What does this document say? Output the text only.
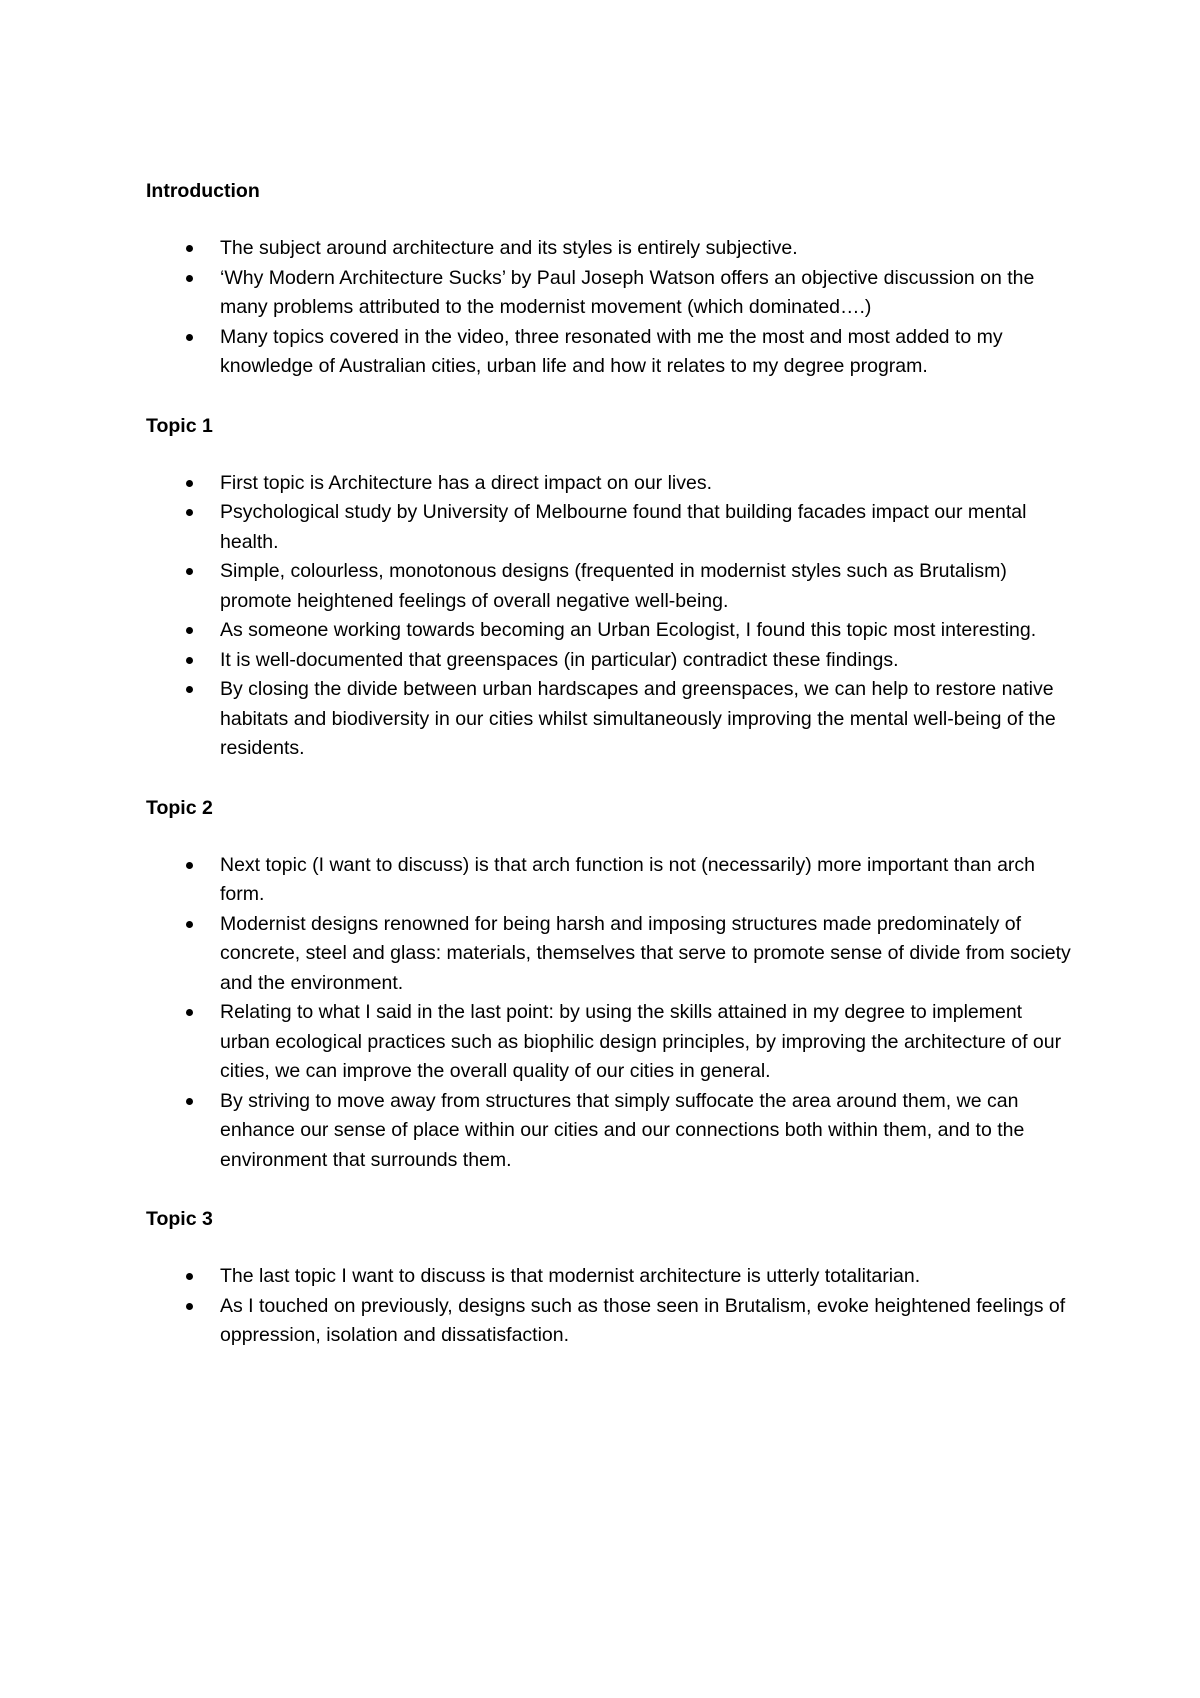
Introduction
The subject around architecture and its styles is entirely subjective.
‘Why Modern Architecture Sucks’ by Paul Joseph Watson offers an objective discussion on the many problems attributed to the modernist movement (which dominated….)
Many topics covered in the video, three resonated with me the most and most added to my knowledge of Australian cities, urban life and how it relates to my degree program.
Topic 1
First topic is Architecture has a direct impact on our lives.
Psychological study by University of Melbourne found that building facades impact our mental health.
Simple, colourless, monotonous designs (frequented in modernist styles such as Brutalism) promote heightened feelings of overall negative well-being.
As someone working towards becoming an Urban Ecologist, I found this topic most interesting.
It is well-documented that greenspaces (in particular) contradict these findings.
By closing the divide between urban hardscapes and greenspaces, we can help to restore native habitats and biodiversity in our cities whilst simultaneously improving the mental well-being of the residents.
Topic 2
Next topic (I want to discuss) is that arch function is not (necessarily) more important than arch form.
Modernist designs renowned for being harsh and imposing structures made predominately of concrete, steel and glass: materials, themselves that serve to promote sense of divide from society and the environment.
Relating to what I said in the last point: by using the skills attained in my degree to implement urban ecological practices such as biophilic design principles, by improving the architecture of our cities, we can improve the overall quality of our cities in general.
By striving to move away from structures that simply suffocate the area around them, we can enhance our sense of place within our cities and our connections both within them, and to the environment that surrounds them.
Topic 3
The last topic I want to discuss is that modernist architecture is utterly totalitarian.
As I touched on previously, designs such as those seen in Brutalism, evoke heightened feelings of oppression, isolation and dissatisfaction.
